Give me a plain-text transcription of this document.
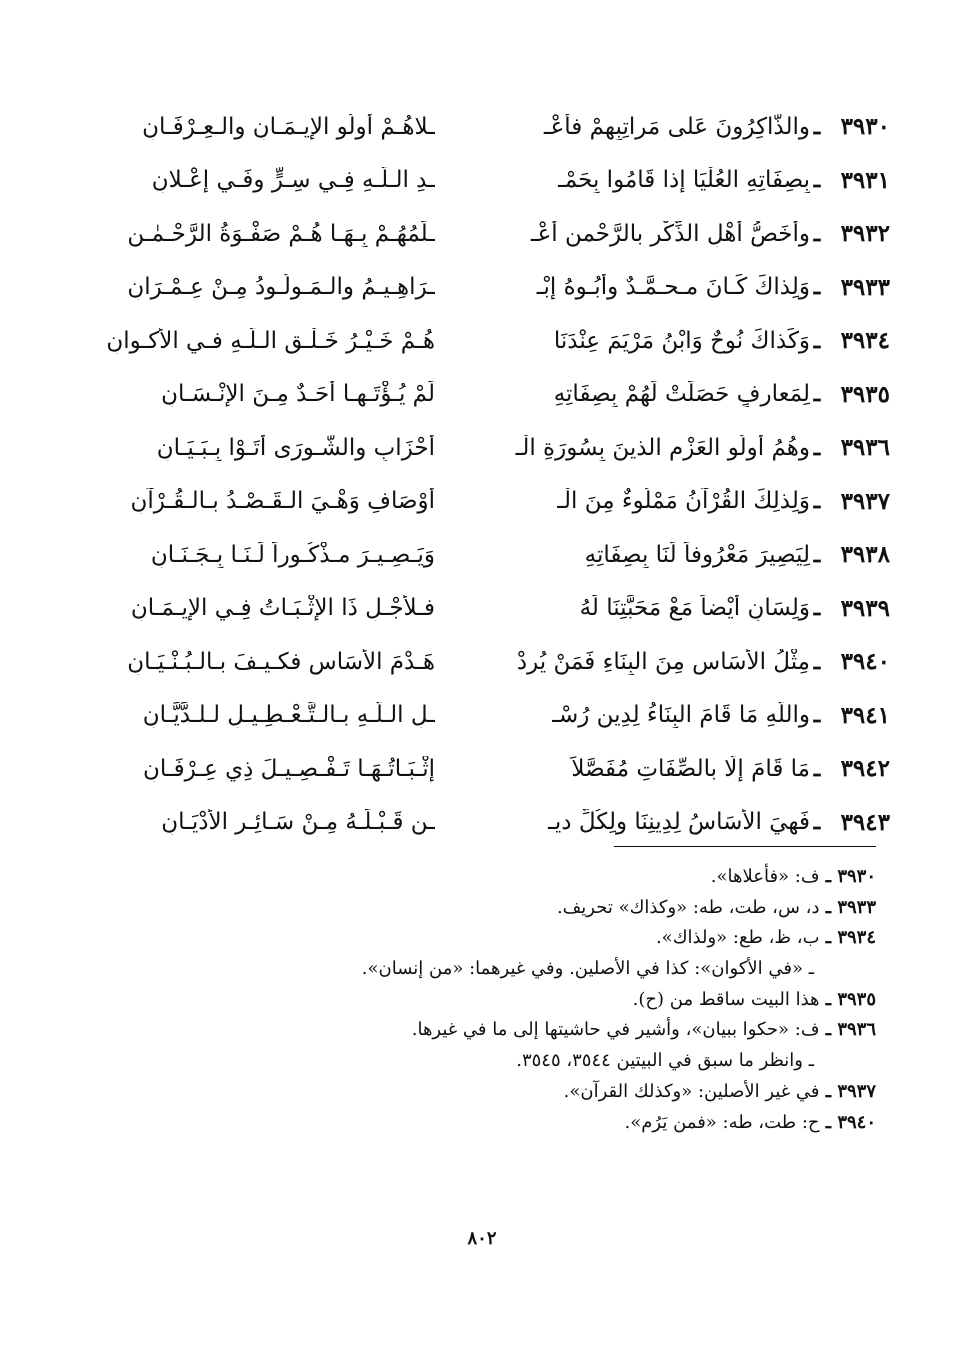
٣٩٣٠
ـ
والذَّاكِرُونَ عَلى مَراتِبِهِمْ فأعْـ
ـلاهُـمْ أولُو الإيـمَـانِ والـعِـرْفَـانِ
٣٩٣١
ـ
بِصِفَاتِهِ العُلْيَا إذا قَامُوا بِحَمْـ
ـدِ الـلَّـهِ فِـي سِـرٍّ وفَـي إعْـلانِ
٣٩٣٢
ـ
وأخَصُّ أهْلِ الذِّكْرِ بالرَّحْمنِ أعْـ
ـلَمُهُـمْ بِـهَـا هُـمْ صَفْـوَةُ الرَّحْـمٰـنِ
٣٩٣٣
ـ
وَلِذاكَ كَـانَ مـحـمَّـدٌ وأبُـوهُ إبْـ
ـرَاهِـيـمُ والـمَـولُـودُ مِـنْ عِـمْـرَانِ
٣٩٣٤
ـ
وَكَذاكَ نُوحٌ وَابْنُ مَرْيَمَ عِنْدَنَا
هُـمْ خَـيْـرُ خَـلْـقِ الـلَّـهِ فـي الأكـوانِ
٣٩٣٥
ـ
لِمَعارِفٍ حَصَلَتْ لَهُمْ بِصِفَاتِهِ
لَمْ يُـؤْتَـهـا أحَـدٌ مِـنَ الإنْـسَـانِ
٣٩٣٦
ـ
وهُمُ أولُو العَزْمِ الذينَ بِسُورَةِ الْـ
أحْزَابِ والشُّـورَى أتَـوْا بِـبَـيَـانِ
٣٩٣٧
ـ
وَلِذلِكَ القُرْآنُ مَمْلُوءٌ مِنَ الْـ
أوْصَافِ وَهْـيَ الـقَـصْـدُ بـالـقُـرْآنِ
٣٩٣٨
ـ
لِيَصِيرَ مَعْرُوفاً لَنَا بِصِفَاتِهِ
وَيَـصِـيـرَ مـذْكُـوراً لَـنَـا بِـجَـنَـانِ
٣٩٣٩
ـ
وَلِسَانٍ أيْضاً مَعْ مَحَبَّتِنَا لَهُ
فـلأجْـلِ ذَا الإثْـبَـاتُ فِـي الإيـمَـانِ
٣٩٤٠
ـ
مِثْلُ الأسَاسِ مِنَ البِنَاءِ فَمَنْ يُرِدْ
هَـدْمَ الأسَاسِ فكـيـفَ بـالـبُـنْـيَـانِ
٣٩٤١
ـ
واللَّهِ مَا قَامَ البِنَاءُ لِدِينِ رُسْـ
ـلِ الـلَّـهِ بـالـتَّـعْـطِـيـلِ لـلـدَّيَّـانِ
٣٩٤٢
ـ
مَا قَامَ إلَّا بالصِّفَاتِ مُفَصَّلاً
إثْـبَـاتُـهَـا تَـفْـصِـيـلَ ذِي عِـرْفَـانِ
٣٩٤٣
ـ
فَهِيَ الأسَاسُ لِدِينِنَا ولِكُلِّ ديـ
ـنٍ قَـبْـلَـهُ مِـنْ سَـائِـرِ الأدْيَـانِ
٣٩٣٠ ـ ف: «فأعلاها».
٣٩٣٣ ـ د، س، طت، طه: «وكذاك» تحريف.
٣٩٣٤ ـ ب، ظ، طع: «ولذاك».
ـ «في الأكوان»: كذا في الأصلين. وفي غيرهما: «من إنسان».
٣٩٣٥ ـ هذا البيت ساقط من (ح).
٣٩٣٦ ـ ف: «حكوا ببيان»، وأشير في حاشيتها إلى ما في غيرها.
ـ وانظر ما سبق في البيتين ٣٥٤٤، ٣٥٤٥.
٣٩٣٧ ـ في غير الأصلين: «وكذلك القرآن».
٣٩٤٠ ـ ح: طت، طه: «فمن يَرُم».
٨٠٢
